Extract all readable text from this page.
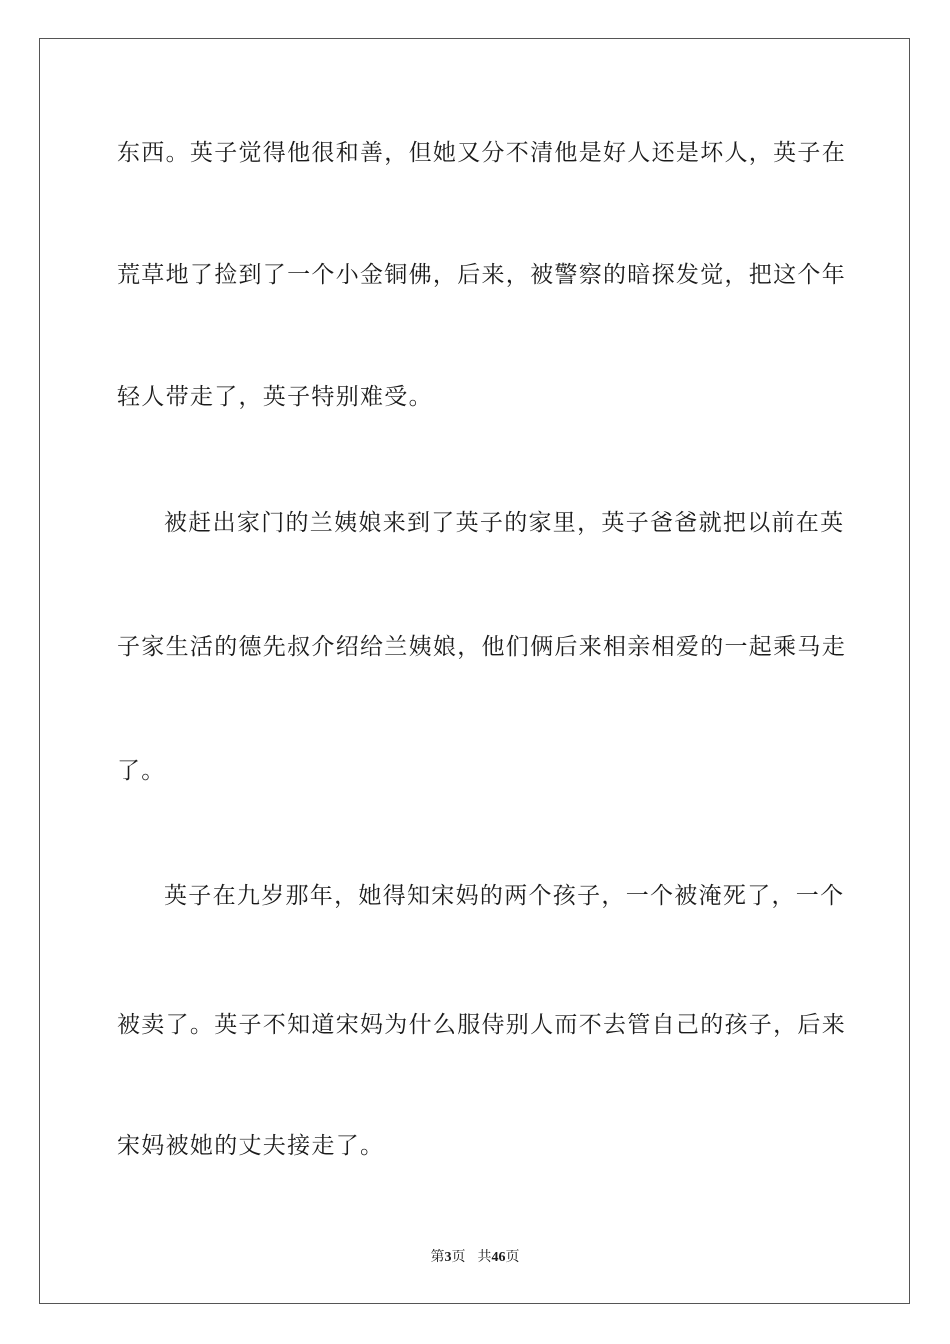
东西。英子觉得他很和善，但她又分不清他是好人还是坏人，英子在
荒草地了捡到了一个小金铜佛，后来，被警察的暗探发觉，把这个年
轻人带走了，英子特别难受。
被赶出家门的兰姨娘来到了英子的家里，英子爸爸就把以前在英
子家生活的德先叔介绍给兰姨娘，他们俩后来相亲相爱的一起乘马走
了。
英子在九岁那年，她得知宋妈的两个孩子，一个被淹死了，一个
被卖了。英子不知道宋妈为什么服侍别人而不去管自己的孩子，后来
宋妈被她的丈夫接走了。
第3页 共46页
